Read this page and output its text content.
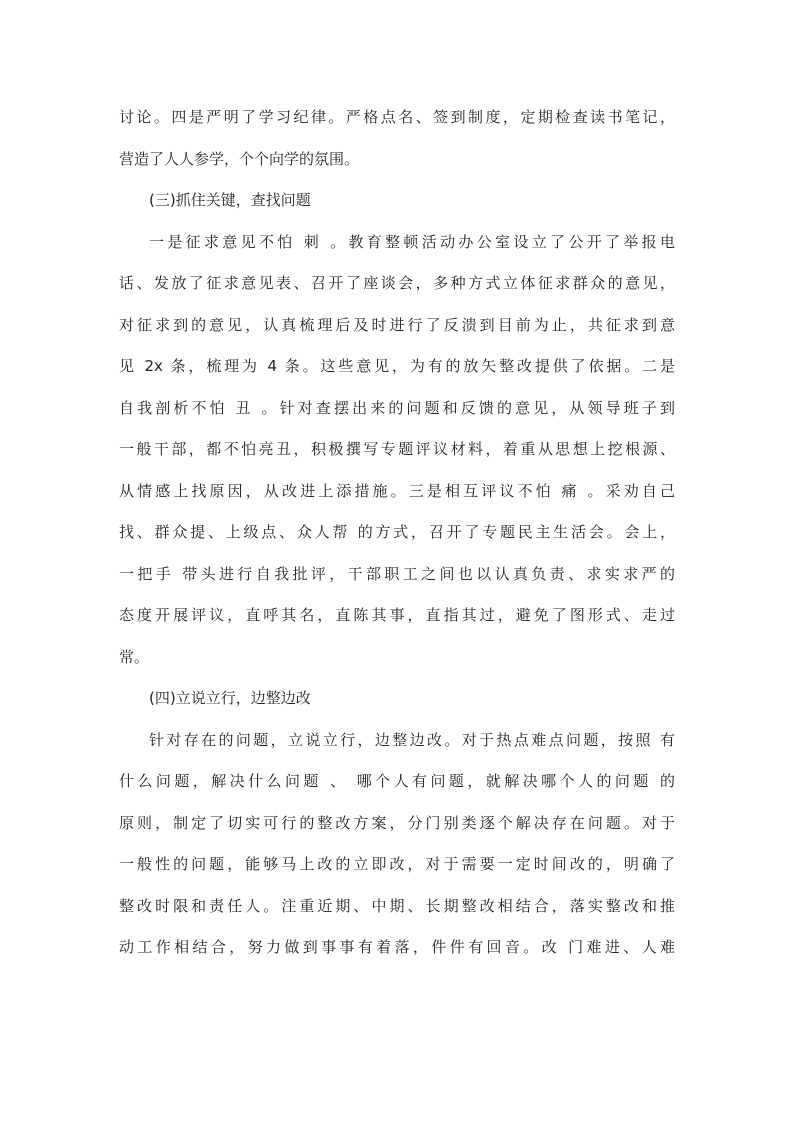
讨论。四是严明了学习纪律。严格点名、签到制度，定期检查读书笔记，
营造了人人参学，个个向学的氛围。
(三)抓住关键，查找问题
一是征求意见不怕 刺 。教育整顿活动办公室设立了公开了举报电
话、发放了征求意见表、召开了座谈会，多种方式立体征求群众的意见，
对征求到的意见，认真梳理后及时进行了反溃到目前为止，共征求到意
见 2x 条，梳理为 4 条。这些意见，为有的放矢整改提供了依据。二是
自我剖析不怕 丑 。针对查摆出来的问题和反馈的意见，从领导班子到
一般干部，都不怕亮丑，积极撰写专题评议材料，着重从思想上挖根源、
从情感上找原因，从改进上添措施。三是相互评议不怕 痛 。采劝自己
找、群众提、上级点、众人帮 的方式，召开了专题民主生活会。会上，
一把手 带头进行自我批评，干部职工之间也以认真负责、求实求严的
态度开展评议，直呼其名，直陈其事，直指其过，避免了图形式、走过
常。
(四)立说立行，边整边改
针对存在的问题，立说立行，边整边改。对于热点难点问题，按照 有
什么问题，解决什么问题 、 哪个人有问题，就解决哪个人的问题 的
原则，制定了切实可行的整改方案，分门别类逐个解决存在问题。对于
一般性的问题，能够马上改的立即改，对于需要一定时间改的，明确了
整改时限和责任人。注重近期、中期、长期整改相结合，落实整改和推
动工作相结合，努力做到事事有着落，件件有回音。改 门难进、人难
